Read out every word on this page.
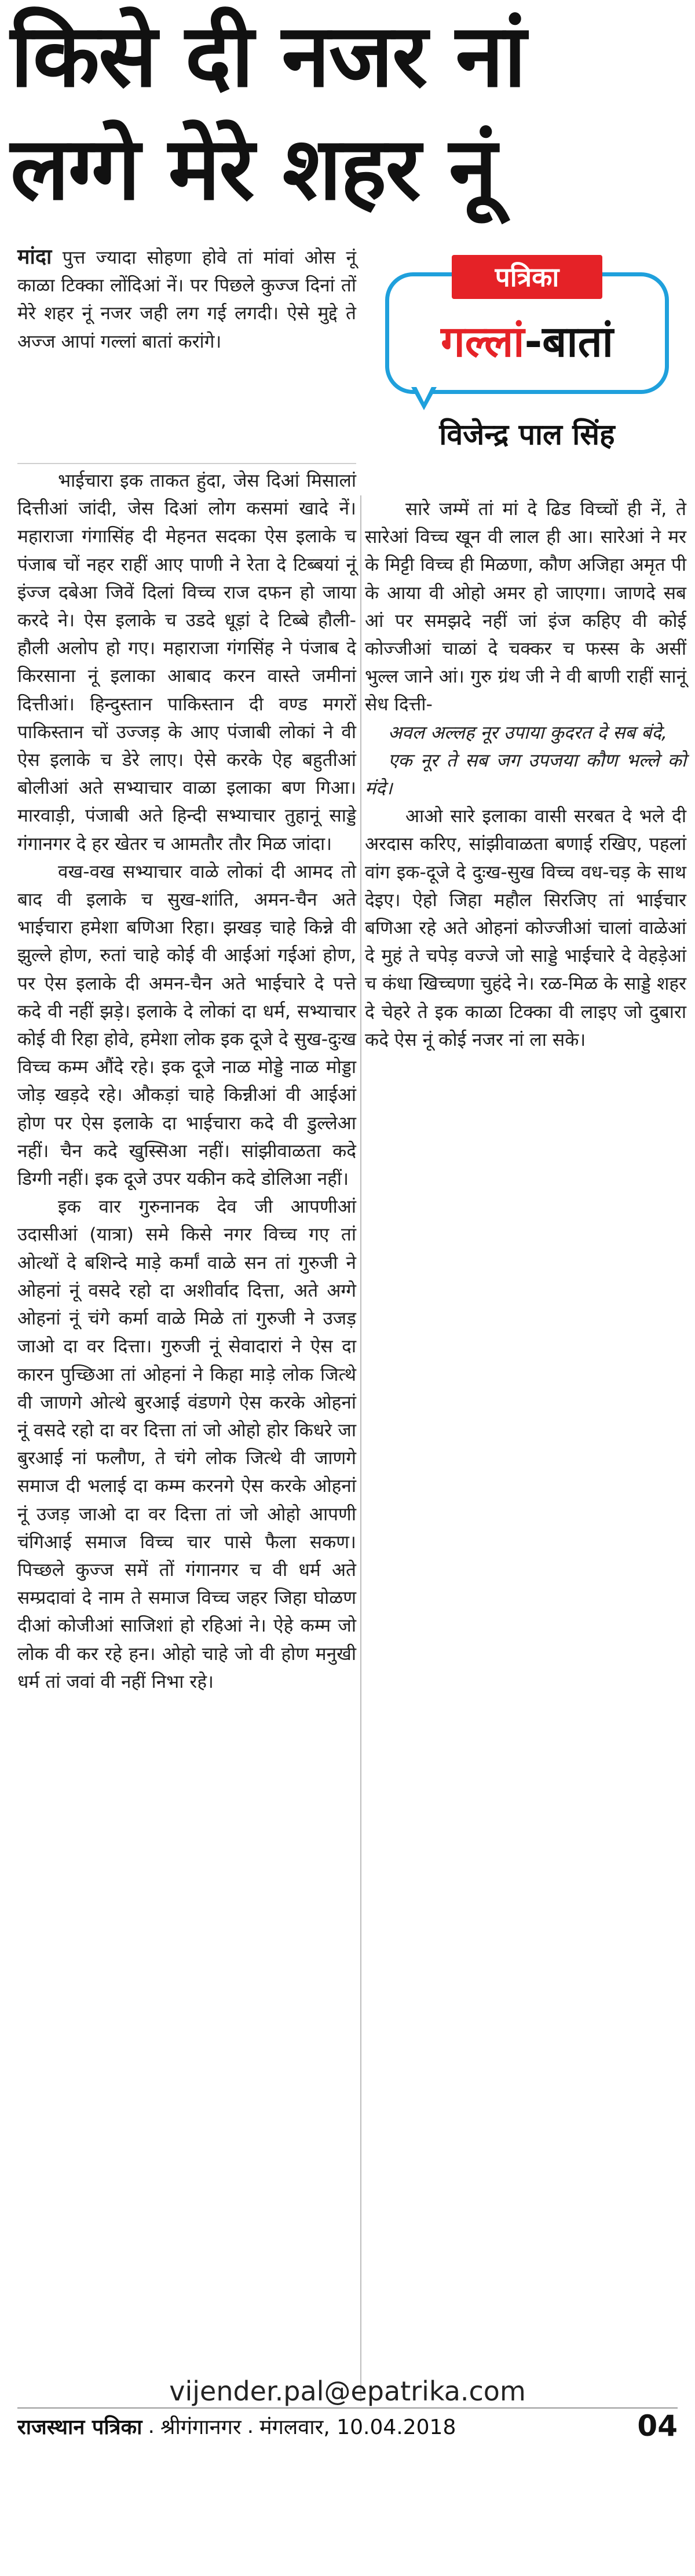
किसे दी नजर नां
लग्गे मेरे शहर नूं

मांदा पुत्त ज्यादा सोहणा होवे तां मांवां ओस नूं काळा टिक्का लोंदिआं नें। पर पिछले कुज्ज दिनां तों मेरे शहर नूं नजर जही लग गई लगदी। ऐसे मुद्दे ते अज्ज आपां गल्लां बातां करांगे।

पत्रिका
गल्लां-बातां
विजेन्द्र पाल सिंह

भाईचारा इक ताकत हुंदा, जेस दिआं मिसालां दित्तीआं जांदी, जेस दिआं लोग कसमां खादे नें। महाराजा गंगासिंह दी मेहनत सदका ऐस इलाके च पंजाब चों नहर राहीं आए पाणी ने रेता दे टिब्बयां नूं इंज्ज दबेआ जिवें दिलां विच्च राज दफन हो जाया करदे ने। ऐस इलाके च उडदे धूड़ां दे टिब्बे हौली-हौली अलोप हो गए। महाराजा गंगसिंह ने पंजाब दे किरसाना नूं इलाका आबाद करन वास्ते जमीनां दित्तीआं। हिन्दुस्तान पाकिस्तान दी वण्ड मगरों पाकिस्तान चों उज्जड़ के आए पंजाबी लोकां ने वी ऐस इलाके च डेरे लाए। ऐसे करके ऐह बहुतीआं बोलीआं अते सभ्याचार वाळा इलाका बण गिआ। मारवाड़ी, पंजाबी अते हिन्दी सभ्याचार तुहानूं साड्डे गंगानगर दे हर खेतर च आमतौर तौर मिळ जांदा।

वख-वख सभ्याचार वाळे लोकां दी आमद तो बाद वी इलाके च सुख-शांति, अमन-चैन अते भाईचारा हमेशा बणिआ रिहा। झखड़ चाहे किन्ने वी झुल्ले होण, रुतां चाहे कोई वी आईआं गईआं होण, पर ऐस इलाके दी अमन-चैन अते भाईचारे दे पत्ते कदे वी नहीं झड़े। इलाके दे लोकां दा धर्म, सभ्याचार कोई वी रिहा होवे, हमेशा लोक इक दूजे दे सुख-दुःख विच्च कम्म औंदे रहे। इक दूजे नाळ मोड्डे नाळ मोड्डा जोड़ खड़दे रहे। औकड़ां चाहे किन्नीआं वी आईआं होण पर ऐस इलाके दा भाईचारा कदे वी डुल्लेआ नहीं। चैन कदे खुस्सिआ नहीं। सांझीवाळता कदे डिग्गी नहीं। इक दूजे उपर यकीन कदे डोलिआ नहीं।

इक वार गुरुनानक देव जी आपणीआं उदासीआं (यात्रा) समे किसे नगर विच्च गए तां ओत्थों दे बशिन्दे माड़े कर्मां वाळे सन तां गुरुजी ने ओहनां नूं वसदे रहो दा अशीर्वाद दित्ता, अते अग्गे ओहनां नूं चंगे कर्मा वाळे मिळे तां गुरुजी ने उजड़ जाओ दा वर दित्ता। गुरुजी नूं सेवादारां ने ऐस दा कारन पुच्छिआ तां ओहनां ने किहा माड़े लोक जित्थे वी जाणगे ओत्थे बुरआई वंडणगे ऐस करके ओहनां नूं वसदे रहो दा वर दित्ता तां जो ओहो होर किधरे जा बुरआई नां फलौण, ते चंगे लोक जित्थे वी जाणगे समाज दी भलाई दा कम्म करनगे ऐस करके ओहनां नूं उजड़ जाओ दा वर दित्ता तां जो ओहो आपणी चंगिआई समाज विच्च चार पासे फैला सकण। पिच्छले कुज्ज समें तों गंगानगर च वी धर्म अते सम्प्रदावां दे नाम ते समाज विच्च जहर जिहा घोळण दीआं कोजीआं साजिशां हो रहिआं ने। ऐहे कम्म जो लोक वी कर रहे हन। ओहो चाहे जो वी होण मनुखी धर्म तां जवां वी नहीं निभा रहे।

सारे जम्में तां मां दे ढिड विच्चों ही नें, ते सारेआं विच्च खून वी लाल ही आ। सारेआं ने मर के मिट्टी विच्च ही मिळणा, कौण अजिहा अमृत पी के आया वी ओहो अमर हो जाएगा। जाणदे सब आं पर समझदे नहीं जां इंज कहिए वी कोई कोज्जीआं चाळां दे चक्कर च फस्स के असीं भुल्ल जाने आं। गुरु ग्रंथ जी ने वी बाणी राहीं सानूं सेध दित्ती-

अवल अल्लह नूर उपाया कुदरत दे सब बंदे,

एक नूर ते सब जग उपजया कौण भल्ले को मंदे।

आओ सारे इलाका वासी सरबत दे भले दी अरदास करिए, सांझीवाळता बणाई रखिए, पहलां वांग इक-दूजे दे दुःख-सुख विच्च वध-चड़ के साथ देइए। ऐहो जिहा महौल सिरजिए तां भाईचार बणिआ रहे अते ओहनां कोज्जीआं चालां वाळेआं दे मुहं ते चपेड़ वज्जे जो साड्डे भाईचारे दे वेहड़ेआं च कंधा खिच्चणा चुहंदे ने। रळ-मिळ के साड्डे शहर दे चेहरे ते इक काळा टिक्का वी लाइए जो दुबारा कदे ऐस नूं कोई नजर नां ला सके।

vijender.pal@epatrika.com
राजस्थान पत्रिका . श्रीगंगानगर . मंगलवार, 10.04.2018	04
